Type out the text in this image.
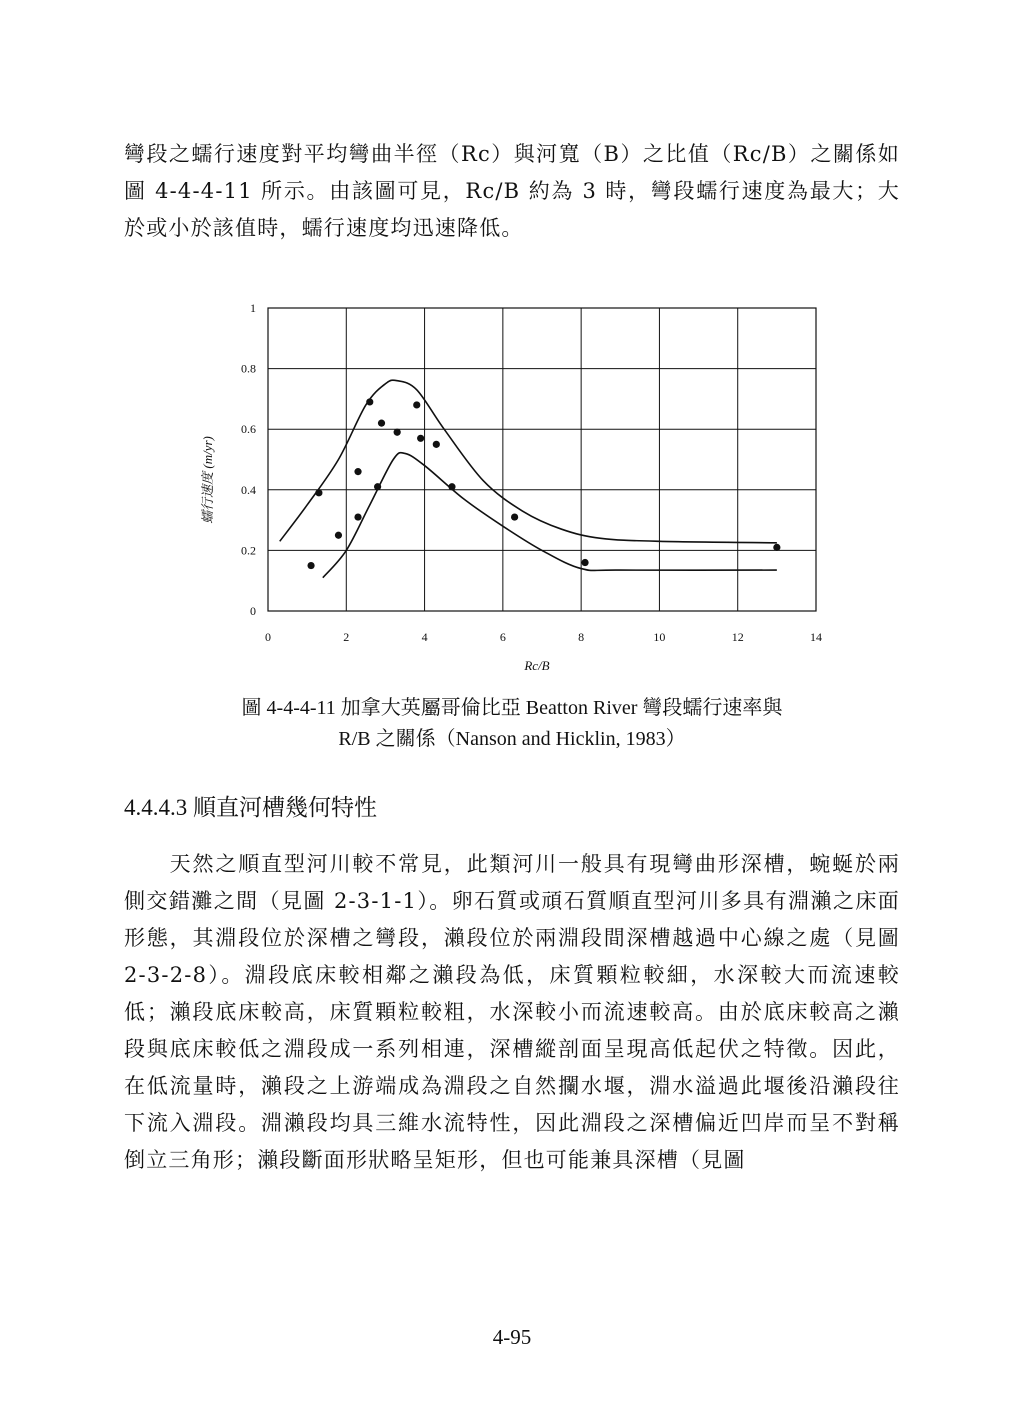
彎段之蠕行速度對平均彎曲半徑（Rc）與河寬（B）之比值（Rc/B）之關係如圖 4-4-4-11 所示。由該圖可見，Rc/B 約為 3 時，彎段蠕行速度為最大；大於或小於該值時，蠕行速度均迅速降低。

0	2	4	6	8	10	12	14
0
0.2
0.4
0.6
0.8
1
蠕行速度 (m/yr)
Rc/B
圖 4-4-4-11 加拿大英屬哥倫比亞 Beatton River 彎段蠕行速率與
R/B 之關係（Nanson and Hicklin, 1983）
4.4.4.3 順直河槽幾何特性

　　天然之順直型河川較不常見，此類河川一般具有現彎曲形深槽，蜿蜒於兩側交錯灘之間（見圖 2-3-1-1）。卵石質或頑石質順直型河川多具有淵瀨之床面形態，其淵段位於深槽之彎段，瀨段位於兩淵段間深槽越過中心線之處（見圖 2-3-2-8）。淵段底床較相鄰之瀨段為低，床質顆粒較細，水深較大而流速較低；瀨段底床較高，床質顆粒較粗，水深較小而流速較高。由於底床較高之瀨段與底床較低之淵段成一系列相連，深槽縱剖面呈現高低起伏之特徵。因此，在低流量時，瀨段之上游端成為淵段之自然攔水堰，淵水溢過此堰後沿瀨段往下流入淵段。淵瀨段均具三維水流特性，因此淵段之深槽偏近凹岸而呈不對稱倒立三角形；瀨段斷面形狀略呈矩形，但也可能兼具深槽（見圖

4-95
